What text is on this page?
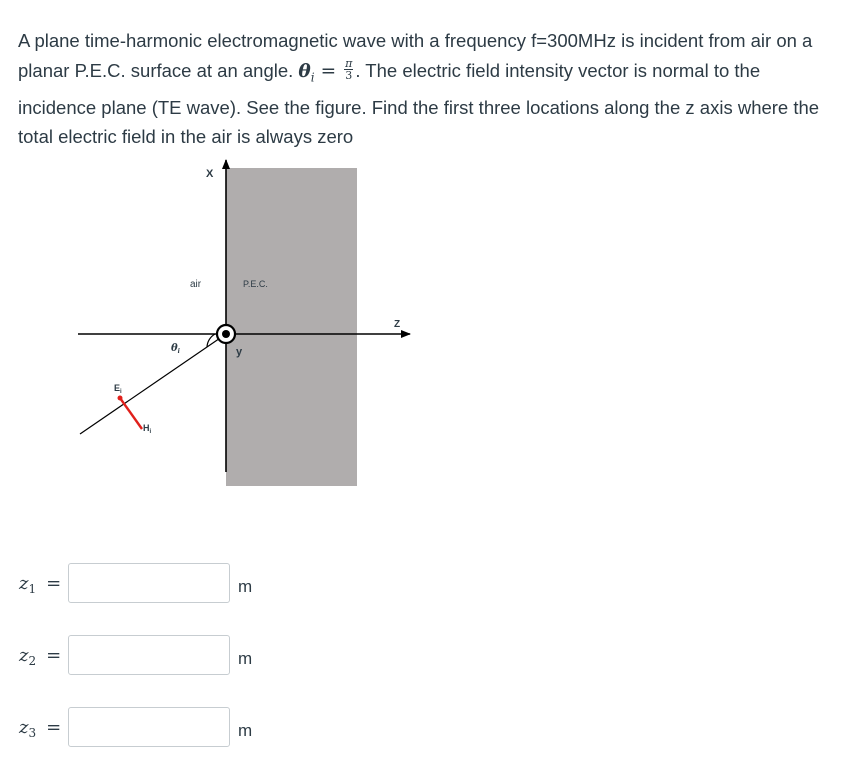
A plane time-harmonic electromagnetic wave with a frequency f=300MHz is incident from air on a
planar P.E.C. surface at an angle. $\theta_i = \frac{\pi}{3}$ . The electric field intensity vector is normal to the
incidence plane (TE wave). See the figure. Find the first three locations along the z axis where the
total electric field in the air is always zero
X
Z
y
air	P.E.C.
$\theta_i$
$E_i$
$H_i$
$z_1$ =	m
$z_2$ =	m
$z_3$ =	m
